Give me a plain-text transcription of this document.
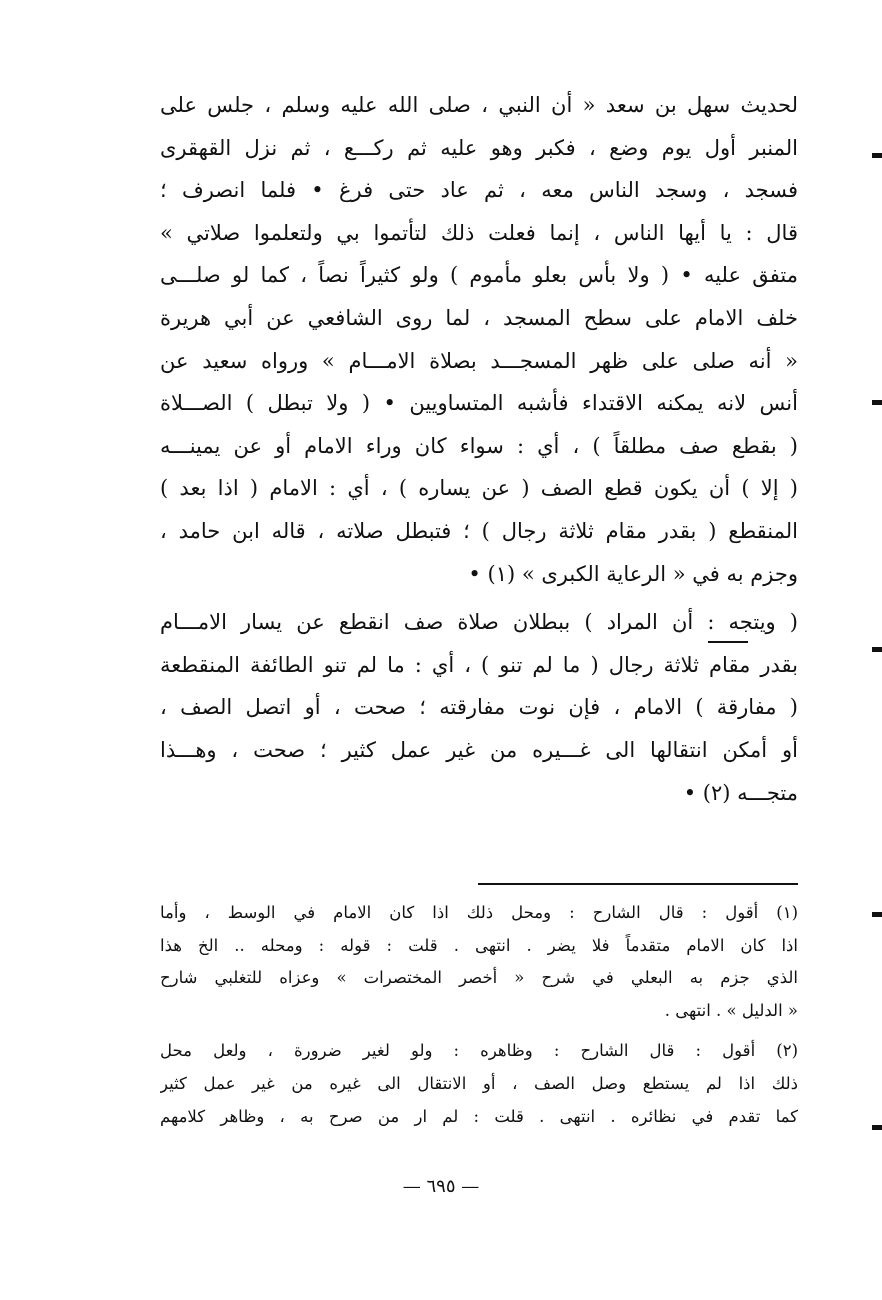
لحديث سهل بن سعد « أن النبي ، صلى الله عليه وسلم ، جلس على
المنبر أول يوم وضع ، فكبر وهو عليه ثم ركـــع ، ثم نزل القهقرى
فسجد ، وسجد الناس معه ، ثم عاد حتى فرغ • فلما انصرف ؛
قال : يا أيها الناس ، إنما فعلت ذلك لتأتموا بي ولتعلموا صلاتي »
متفق عليه • ( ولا بأس بعلو مأموم ) ولو كثيراً نصاً ، كما لو صلـــى
خلف الامام على سطح المسجد ، لما روى الشافعي عن أبي هريرة
« أنه صلى على ظهر المسجـــد بصلاة الامـــام » ورواه سعيد عن
أنس لانه يمكنه الاقتداء فأشبه المتساويين • ( ولا تبطل ) الصـــلاة
( بقطع صف مطلقاً ) ، أي : سواء كان وراء الامام أو عن يمينـــه
( إلا ) أن يكون قطع الصف ( عن يساره ) ، أي : الامام ( اذا بعد )
المنقطع ( بقدر مقام ثلاثة رجال ) ؛ فتبطل صلاته ، قاله ابن حامد ،
وجزم به في « الرعاية الكبرى » (١) •
( ويتجه : أن المراد ) ببطلان صلاة صف انقطع عن يسار الامـــام
بقدر مقام ثلاثة رجال ( ما لم تنو ) ، أي : ما لم تنو الطائفة المنقطعة
( مفارقة ) الامام ، فإن نوت مفارقته ؛ صحت ، أو اتصل الصف ،
أو أمكن انتقالها الى غـــيره من غير عمل كثير ؛ صحت ، وهـــذا
متجـــه (٢) •
(١) أقول : قال الشارح : ومحل ذلك اذا كان الامام في الوسط ، وأما
اذا كان الامام متقدماً فلا يضر . انتهى . قلت : قوله : ومحله .. الخ هذا
الذي جزم به البعلي في شرح « أخصر المختصرات » وعزاه للتغلبي شارح
« الدليل » . انتهى .
(٢) أقول : قال الشارح : وظاهره : ولو لغير ضرورة ، ولعل محل
ذلك اذا لم يستطع وصل الصف ، أو الانتقال الى غيره من غير عمل كثير
كما تقدم في نظائره . انتهى . قلت : لم ار من صرح به ، وظاهر كلامهم
— ٦٩٥ —
